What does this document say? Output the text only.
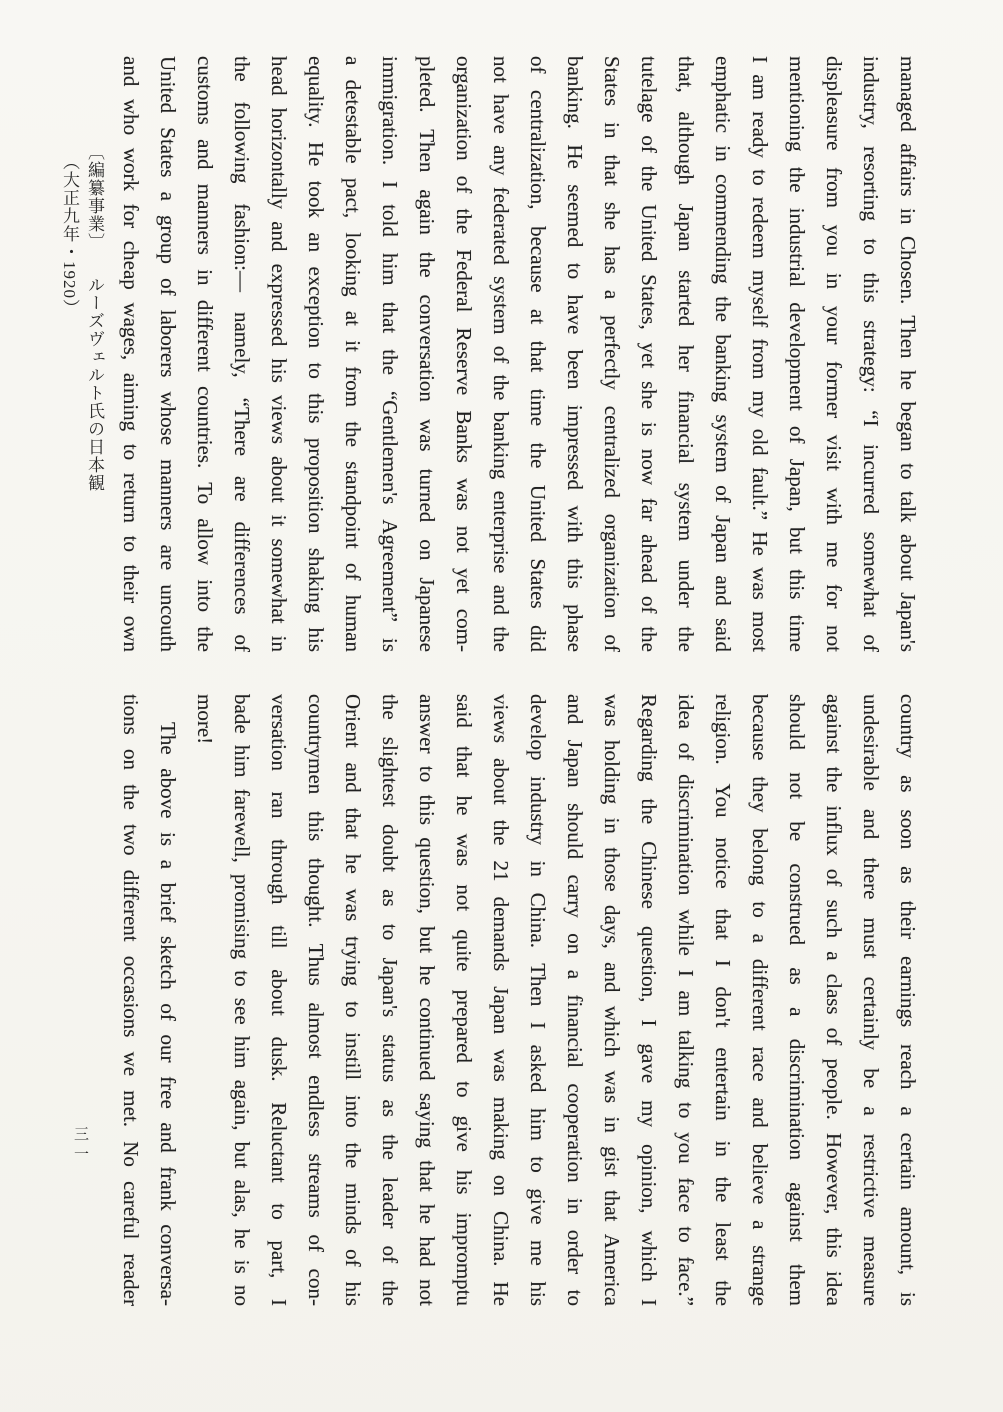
〔編纂事業〕 ルーズヴェルト氏の日本観 （大正九年・1920）	managed affairs in Chosen. Then he began to talk about Japan's
industry, resorting to this strategy: “I incurred somewhat of
displeasure from you in your former visit with me for not
mentioning the industrial development of Japan, but this time
I am ready to redeem myself from my old fault.” He was most
emphatic in commending the banking system of Japan and said
that, although Japan started her financial system under the
tutelage of the United States, yet she is now far ahead of the
States in that she has a perfectly centralized organization of
banking. He seemed to have been impressed with this phase
of centralization, because at that time the United States did
not have any federated system of the banking enterprise and the
organization of the Federal Reserve Banks was not yet com-
pleted. Then again the conversation was turned on Japanese
immigration. I told him that the “Gentlemen's Agreement” is
a detestable pact, looking at it from the standpoint of human
equality. He took an exception to this proposition shaking his
head horizontally and expressed his views about it somewhat in
the following fashion:— namely, “There are differences of
customs and manners in different countries. To allow into the
United States a group of laborers whose manners are uncouth
and who work for cheap wages, aiming to return to their own
country as soon as their earnings reach a certain amount, is
undesirable and there must certainly be a restrictive measure
against the influx of such a class of people. However, this idea
should not be construed as a discrimination against them
because they belong to a different race and believe a strange
religion. You notice that I don't entertain in the least the
idea of discrimination while I am talking to you face to face.”
Regarding the Chinese question, I gave my opinion, which I
was holding in those days, and which was in gist that America
and Japan should carry on a financial cooperation in order to
develop industry in China. Then I asked him to give me his
views about the 21 demands Japan was making on China. He
said that he was not quite prepared to give his impromptu
answer to this question, but he continued saying that he had not
the slightest doubt as to Japan's status as the leader of the
Orient and that he was trying to instill into the minds of his
countrymen this thought. Thus almost endless streams of con-
versation ran through till about dusk. Reluctant to part, I
bade him farewell, promising to see him again, but alas, he is no
more!
The above is a brief sketch of our free and frank conversa-
tions on the two different occasions we met. No careful reader
三一
